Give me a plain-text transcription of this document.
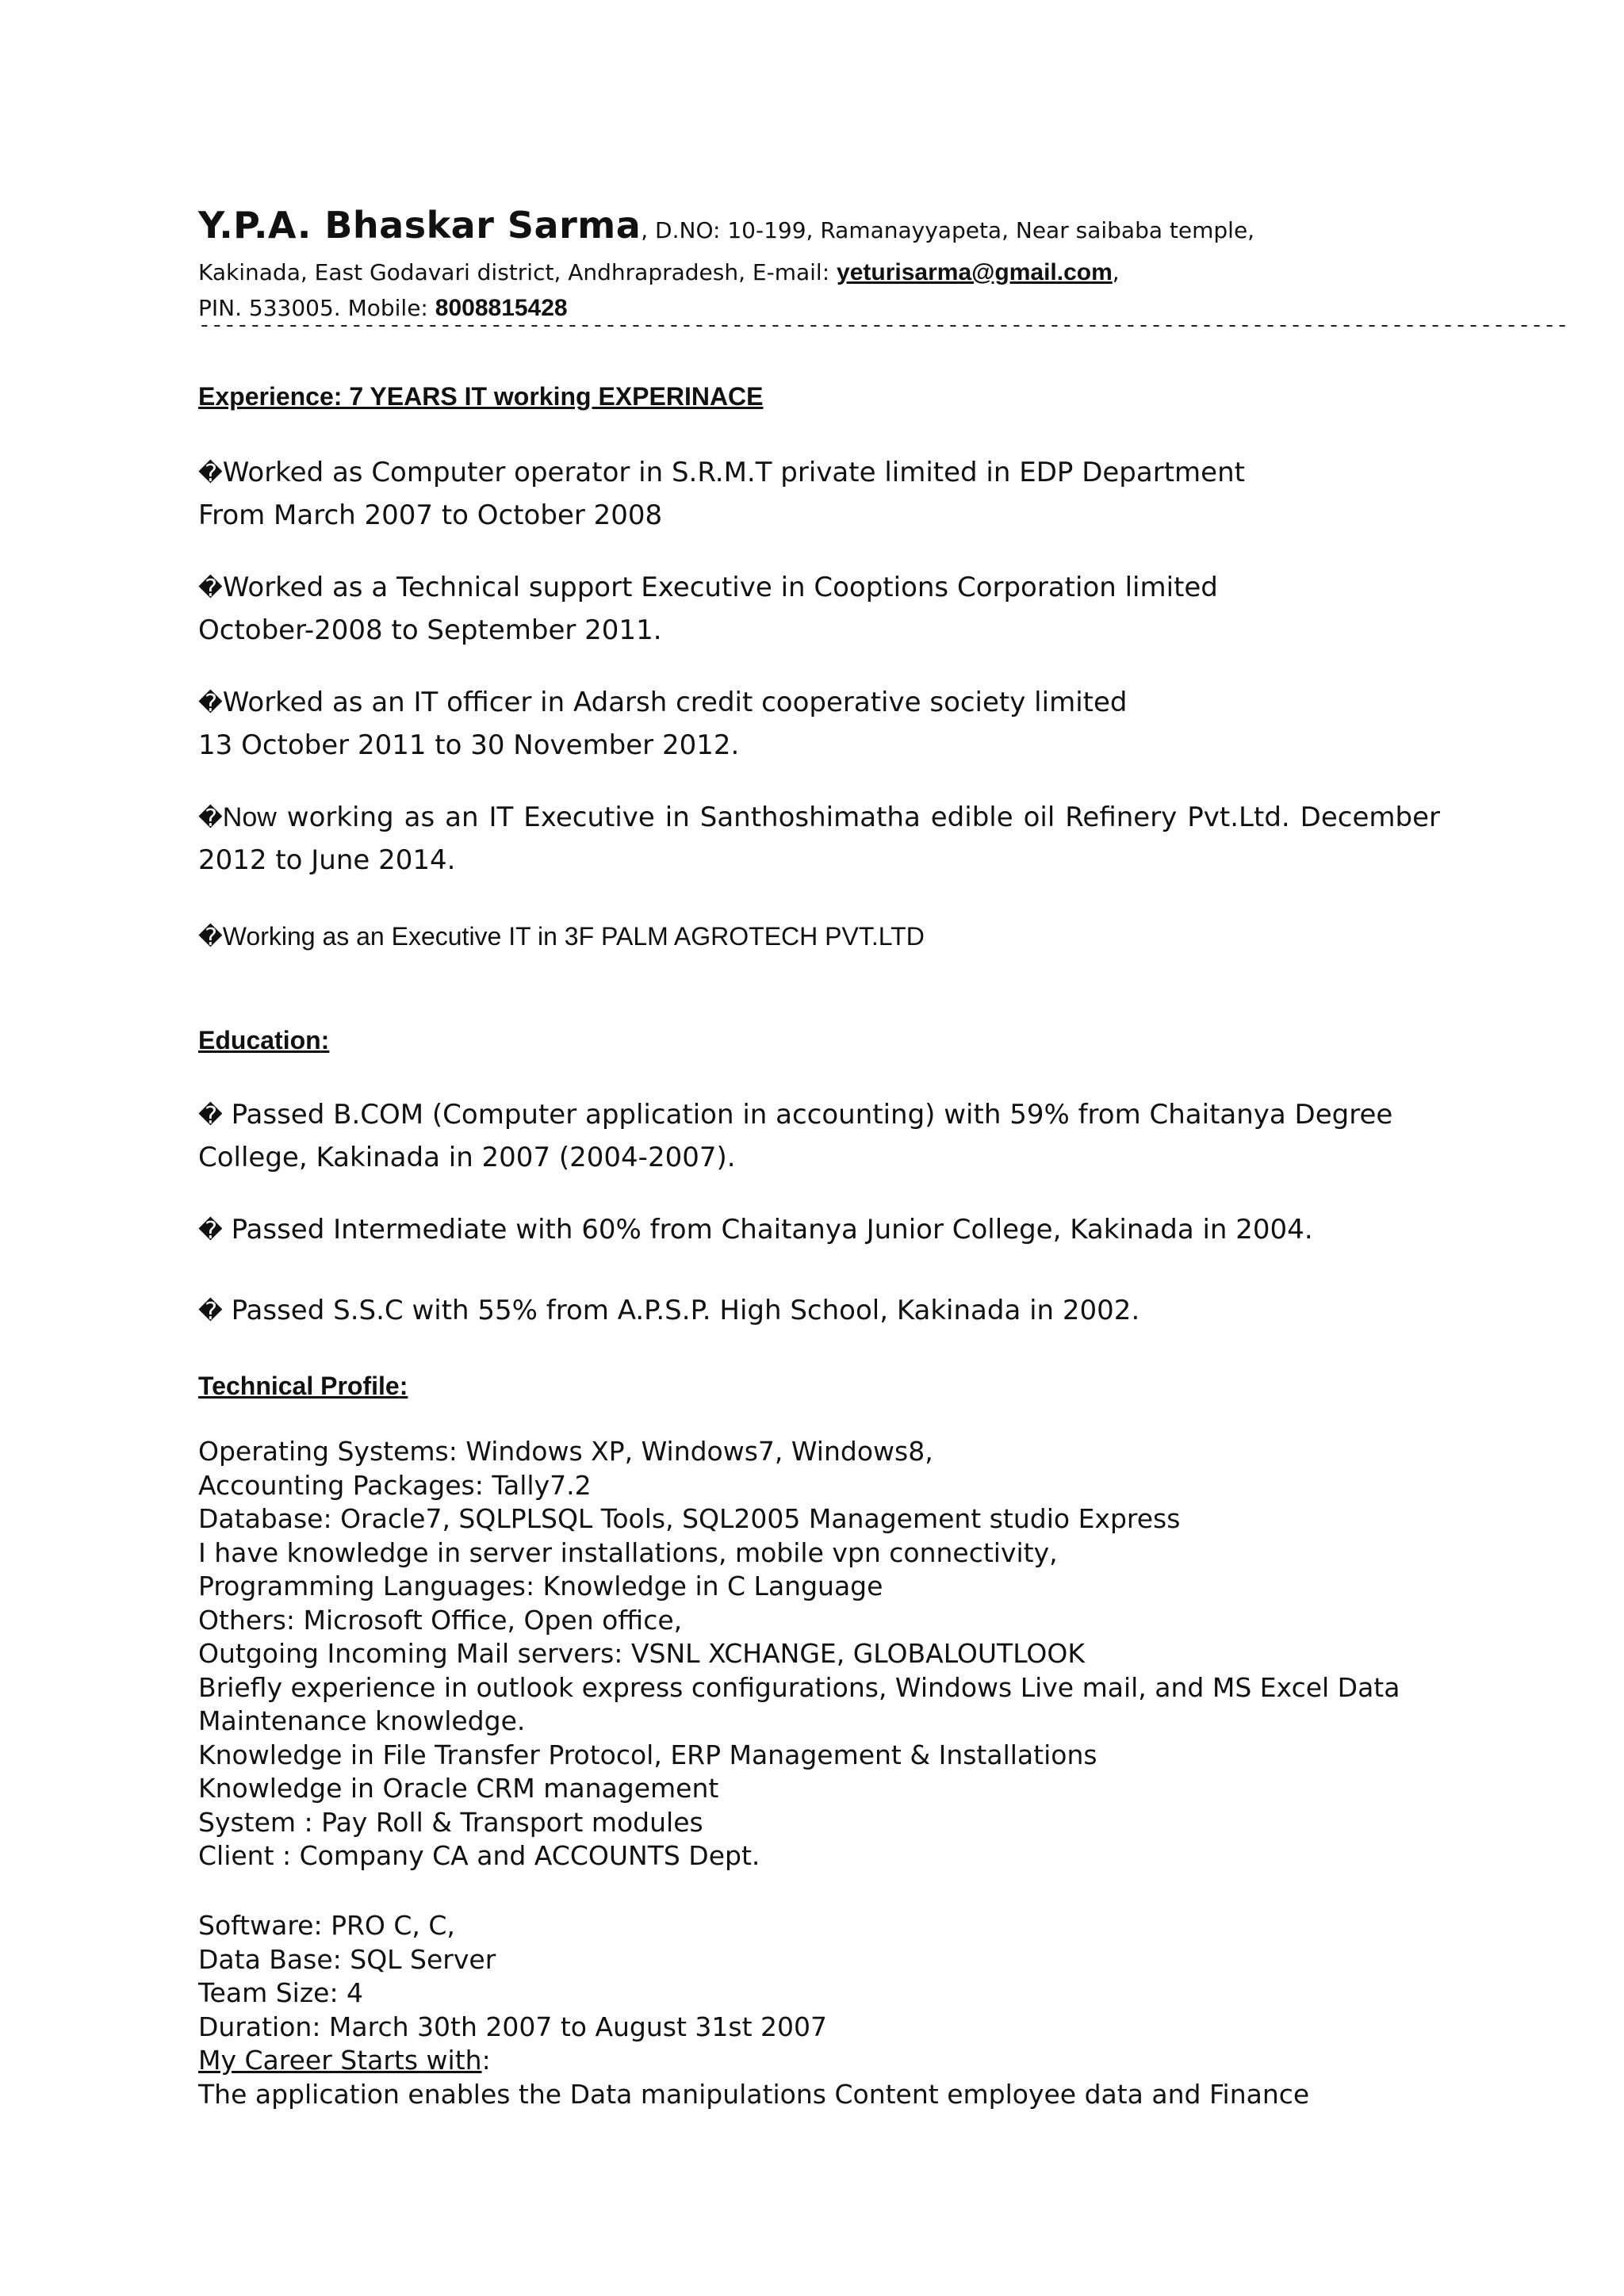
Y.P.A. Bhaskar Sarma, D.NO: 10-199, Ramanayyapeta, Near saibaba temple,
Kakinada, East Godavari district, Andhrapradesh, E-mail: yeturisarma@gmail.com,
PIN. 533005. Mobile: 8008815428
------------------------------------------------------------------------------------------------------------
Experience: 7 YEARS IT working EXPERINACE
�Worked as Computer operator in S.R.M.T private limited in EDP Department
From March 2007 to October 2008
�Worked as a Technical support Executive in Cooptions Corporation limited
October-2008 to September 2011.
�Worked as an IT officer in Adarsh credit cooperative society limited
13 October 2011 to 30 November 2012.
�Now working as an IT Executive in Santhoshimatha edible oil Refinery Pvt.Ltd. December 2012 to June 2014.
�Working as an Executive IT in 3F PALM AGROTECH PVT.LTD
Education:
� Passed B.COM (Computer application in accounting) with 59% from Chaitanya Degree
College, Kakinada in 2007 (2004-2007).
� Passed Intermediate with 60% from Chaitanya Junior College, Kakinada in 2004.
� Passed S.S.C with 55% from A.P.S.P. High School, Kakinada in 2002.
Technical Profile:
Operating Systems: Windows XP, Windows7, Windows8,
Accounting Packages: Tally7.2
Database: Oracle7, SQLPLSQL Tools, SQL2005 Management studio Express
I have knowledge in server installations, mobile vpn connectivity,
Programming Languages: Knowledge in C Language
Others: Microsoft Office, Open office,
Outgoing Incoming Mail servers: VSNL XCHANGE, GLOBALOUTLOOK
Briefly experience in outlook express configurations, Windows Live mail, and MS Excel Data
Maintenance knowledge.
Knowledge in File Transfer Protocol, ERP Management & Installations
Knowledge in Oracle CRM management
System : Pay Roll & Transport modules
Client : Company CA and ACCOUNTS Dept.
Software: PRO C, C,
Data Base: SQL Server
Team Size: 4
Duration: March 30th 2007 to August 31st 2007
My Career Starts with:
The application enables the Data manipulations Content employee data and Finance
